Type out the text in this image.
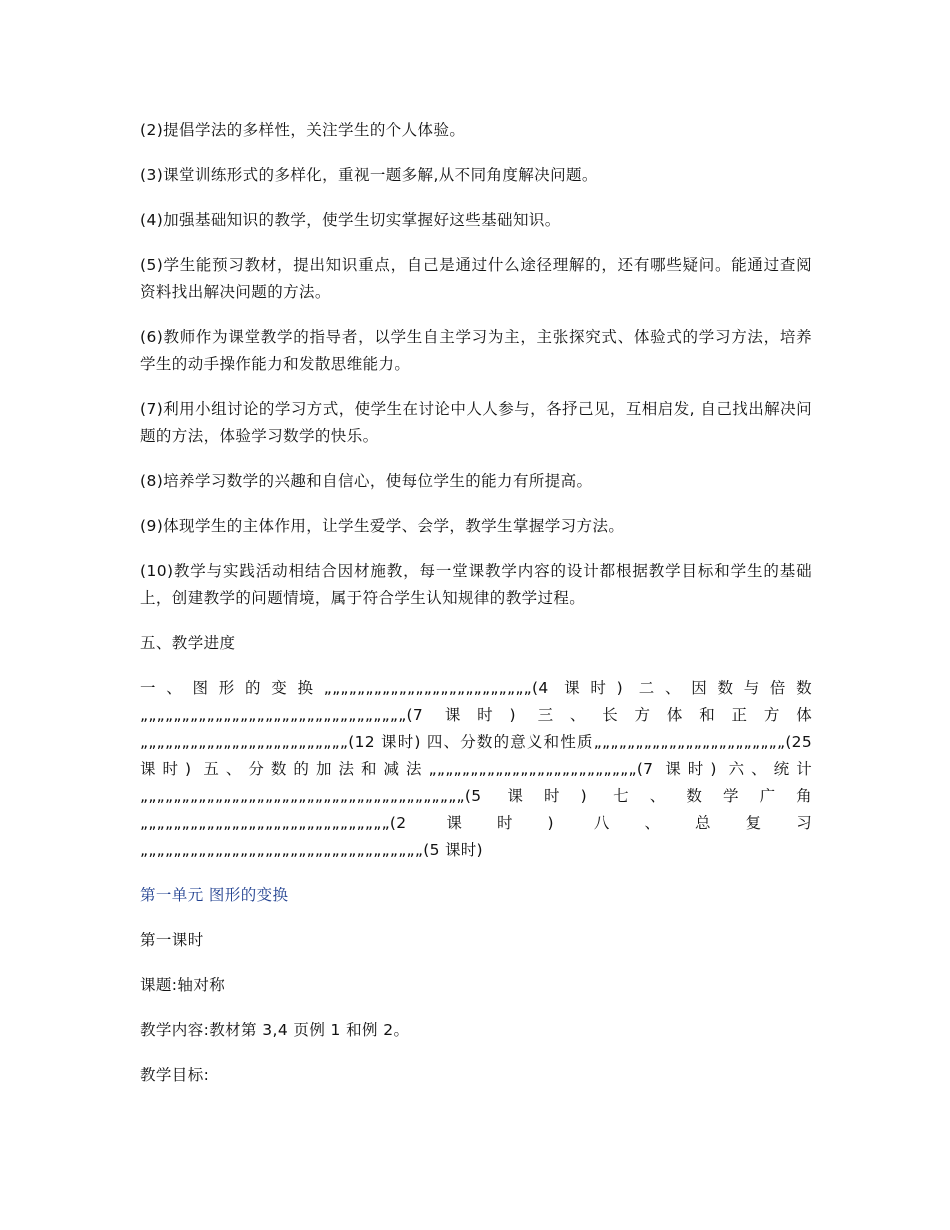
(2)提倡学法的多样性，关注学生的个人体验。

(3)课堂训练形式的多样化，重视一题多解,从不同角度解决问题。

(4)加强基础知识的教学，使学生切实掌握好这些基础知识。

(5)学生能预习教材，提出知识重点，自己是通过什么途径理解的，还有哪些疑问。能通过查阅资料找出解决问题的方法。

(6)教师作为课堂教学的指导者，以学生自主学习为主，主张探究式、体验式的学习方法，培养学生的动手操作能力和发散思维能力。

(7)利用小组讨论的学习方式，使学生在讨论中人人参与，各抒己见，互相启发, 自己找出解决问题的方法，体验学习数学的快乐。

(8)培养学习数学的兴趣和自信心，使每位学生的能力有所提高。

(9)体现学生的主体作用，让学生爱学、会学，教学生掌握学习方法。

(10)教学与实践活动相结合因材施教，每一堂课教学内容的设计都根据教学目标和学生的基础上，创建教学的问题情境，属于符合学生认知规律的教学过程。

五、教学进度

一、图形的变换„„„„„„„„„„„„„„„„„„„„„„„„„(4 课时) 二、因数与倍数„„„„„„„„„„„„„„„„„„„„„„„„„„„„„„„„(7 课时) 三、长方体和正方体„„„„„„„„„„„„„„„„„„„„„„„„„(12 课时) 四、分数的意义和性质„„„„„„„„„„„„„„„„„„„„„„„(25 课时) 五、分数的加法和减法„„„„„„„„„„„„„„„„„„„„„„„„„(7 课时) 六、统计„„„„„„„„„„„„„„„„„„„„„„„„„„„„„„„„„„„„„„„(5 课时) 七、数学广角„„„„„„„„„„„„„„„„„„„„„„„„„„„„„„(2 课时) 八、总复习„„„„„„„„„„„„„„„„„„„„„„„„„„„„„„„„„„(5 课时)

第一单元 图形的变换

第一课时

课题:轴对称

教学内容:教材第 3,4 页例 1 和例 2。

教学目标:
